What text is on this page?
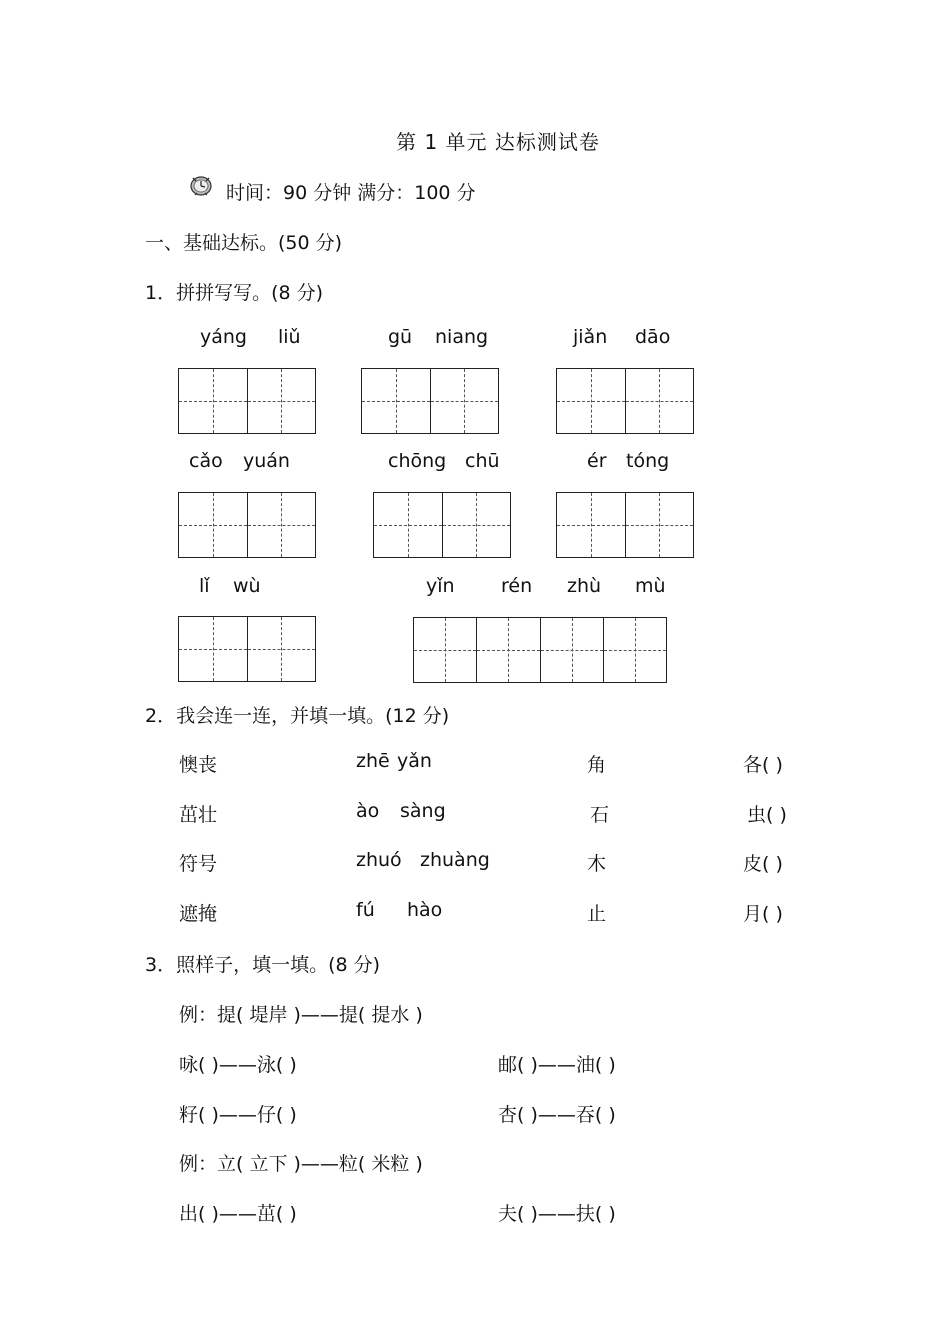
第 1 单元 达标测试卷
时间：90 分钟 满分：100 分
一、基础达标。(50 分)
1．拼拼写写。(8 分)
yáng liǔ	gū niang	jiǎn dāo
cǎo yuán	chōng chū	ér tóng
lǐ wù	yǐn rén zhù mù
2．我会连一连，并填一填。(12 分)
懊丧	zhē yǎn	角	各( )
茁壮	ào sàng	石	虫( )
符号	zhuó zhuàng	木	皮( )
遮掩	fú hào	止	月( )
3．照样子，填一填。(8 分)
例：提( 堤岸 )——提( 提水 )
咏( )——泳( )	邮( )——油( )
籽( )——仔( )	杏( )——吞( )
例：立( 立下 )——粒( 米粒 )
出( )——茁( )	夫( )——扶( )
